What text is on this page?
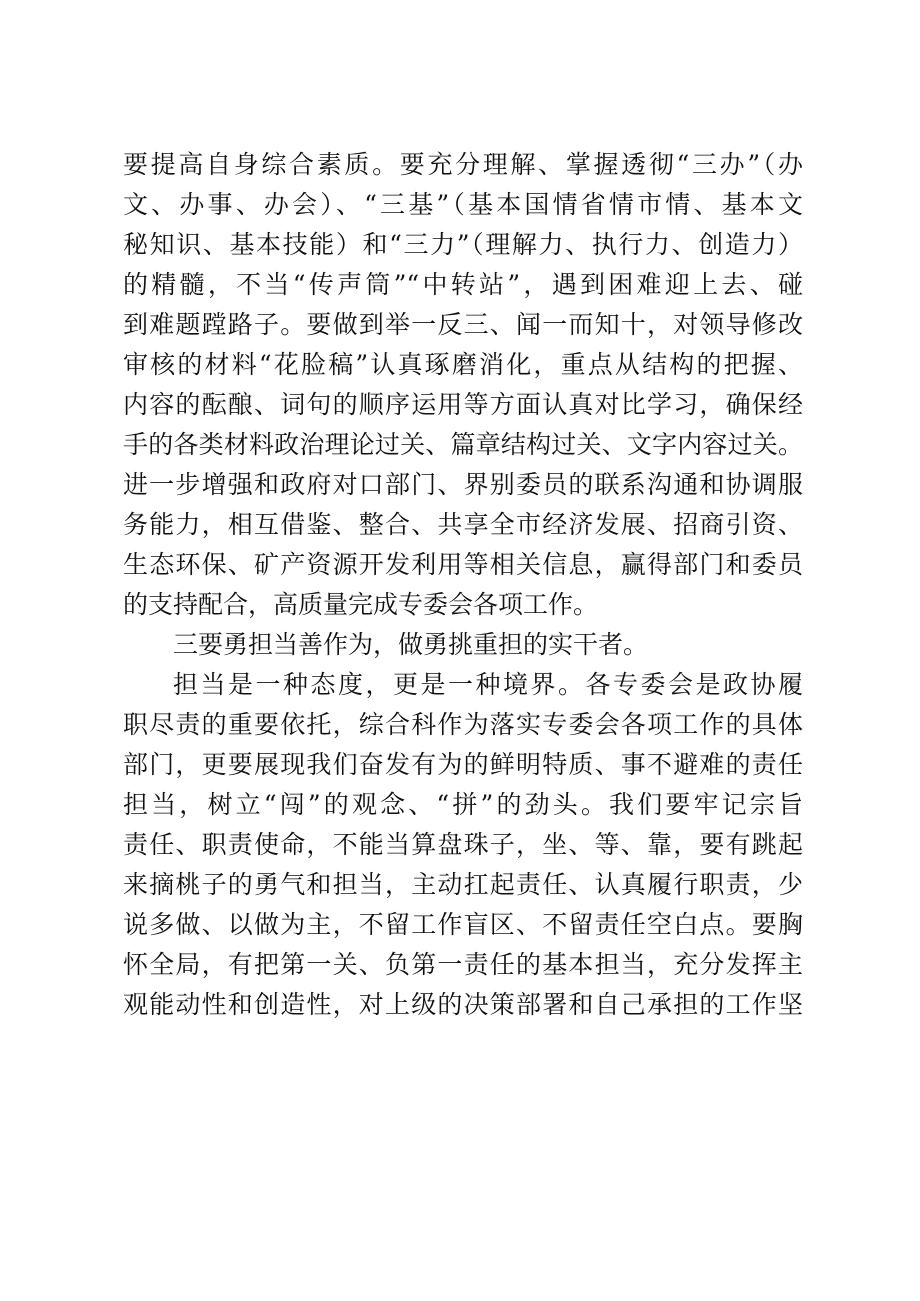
要提高自身综合素质。要充分理解、掌握透彻“三办”（办
文、办事、办会）、“三基”（基本国情省情市情、基本文
秘知识、基本技能）和“三力”（理解力、执行力、创造力）
的精髓，不当“传声筒”“中转站”，遇到困难迎上去、碰
到难题蹚路子。要做到举一反三、闻一而知十，对领导修改
审核的材料“花脸稿”认真琢磨消化，重点从结构的把握、
内容的酝酿、词句的顺序运用等方面认真对比学习，确保经
手的各类材料政治理论过关、篇章结构过关、文字内容过关。
进一步增强和政府对口部门、界别委员的联系沟通和协调服
务能力，相互借鉴、整合、共享全市经济发展、招商引资、
生态环保、矿产资源开发利用等相关信息，赢得部门和委员
的支持配合，高质量完成专委会各项工作。
三要勇担当善作为，做勇挑重担的实干者。
担当是一种态度，更是一种境界。各专委会是政协履
职尽责的重要依托，综合科作为落实专委会各项工作的具体
部门，更要展现我们奋发有为的鲜明特质、事不避难的责任
担当，树立“闯”的观念、“拼”的劲头。我们要牢记宗旨
责任、职责使命，不能当算盘珠子，坐、等、靠，要有跳起
来摘桃子的勇气和担当，主动扛起责任、认真履行职责，少
说多做、以做为主，不留工作盲区、不留责任空白点。要胸
怀全局，有把第一关、负第一责任的基本担当，充分发挥主
观能动性和创造性，对上级的决策部署和自己承担的工作坚
